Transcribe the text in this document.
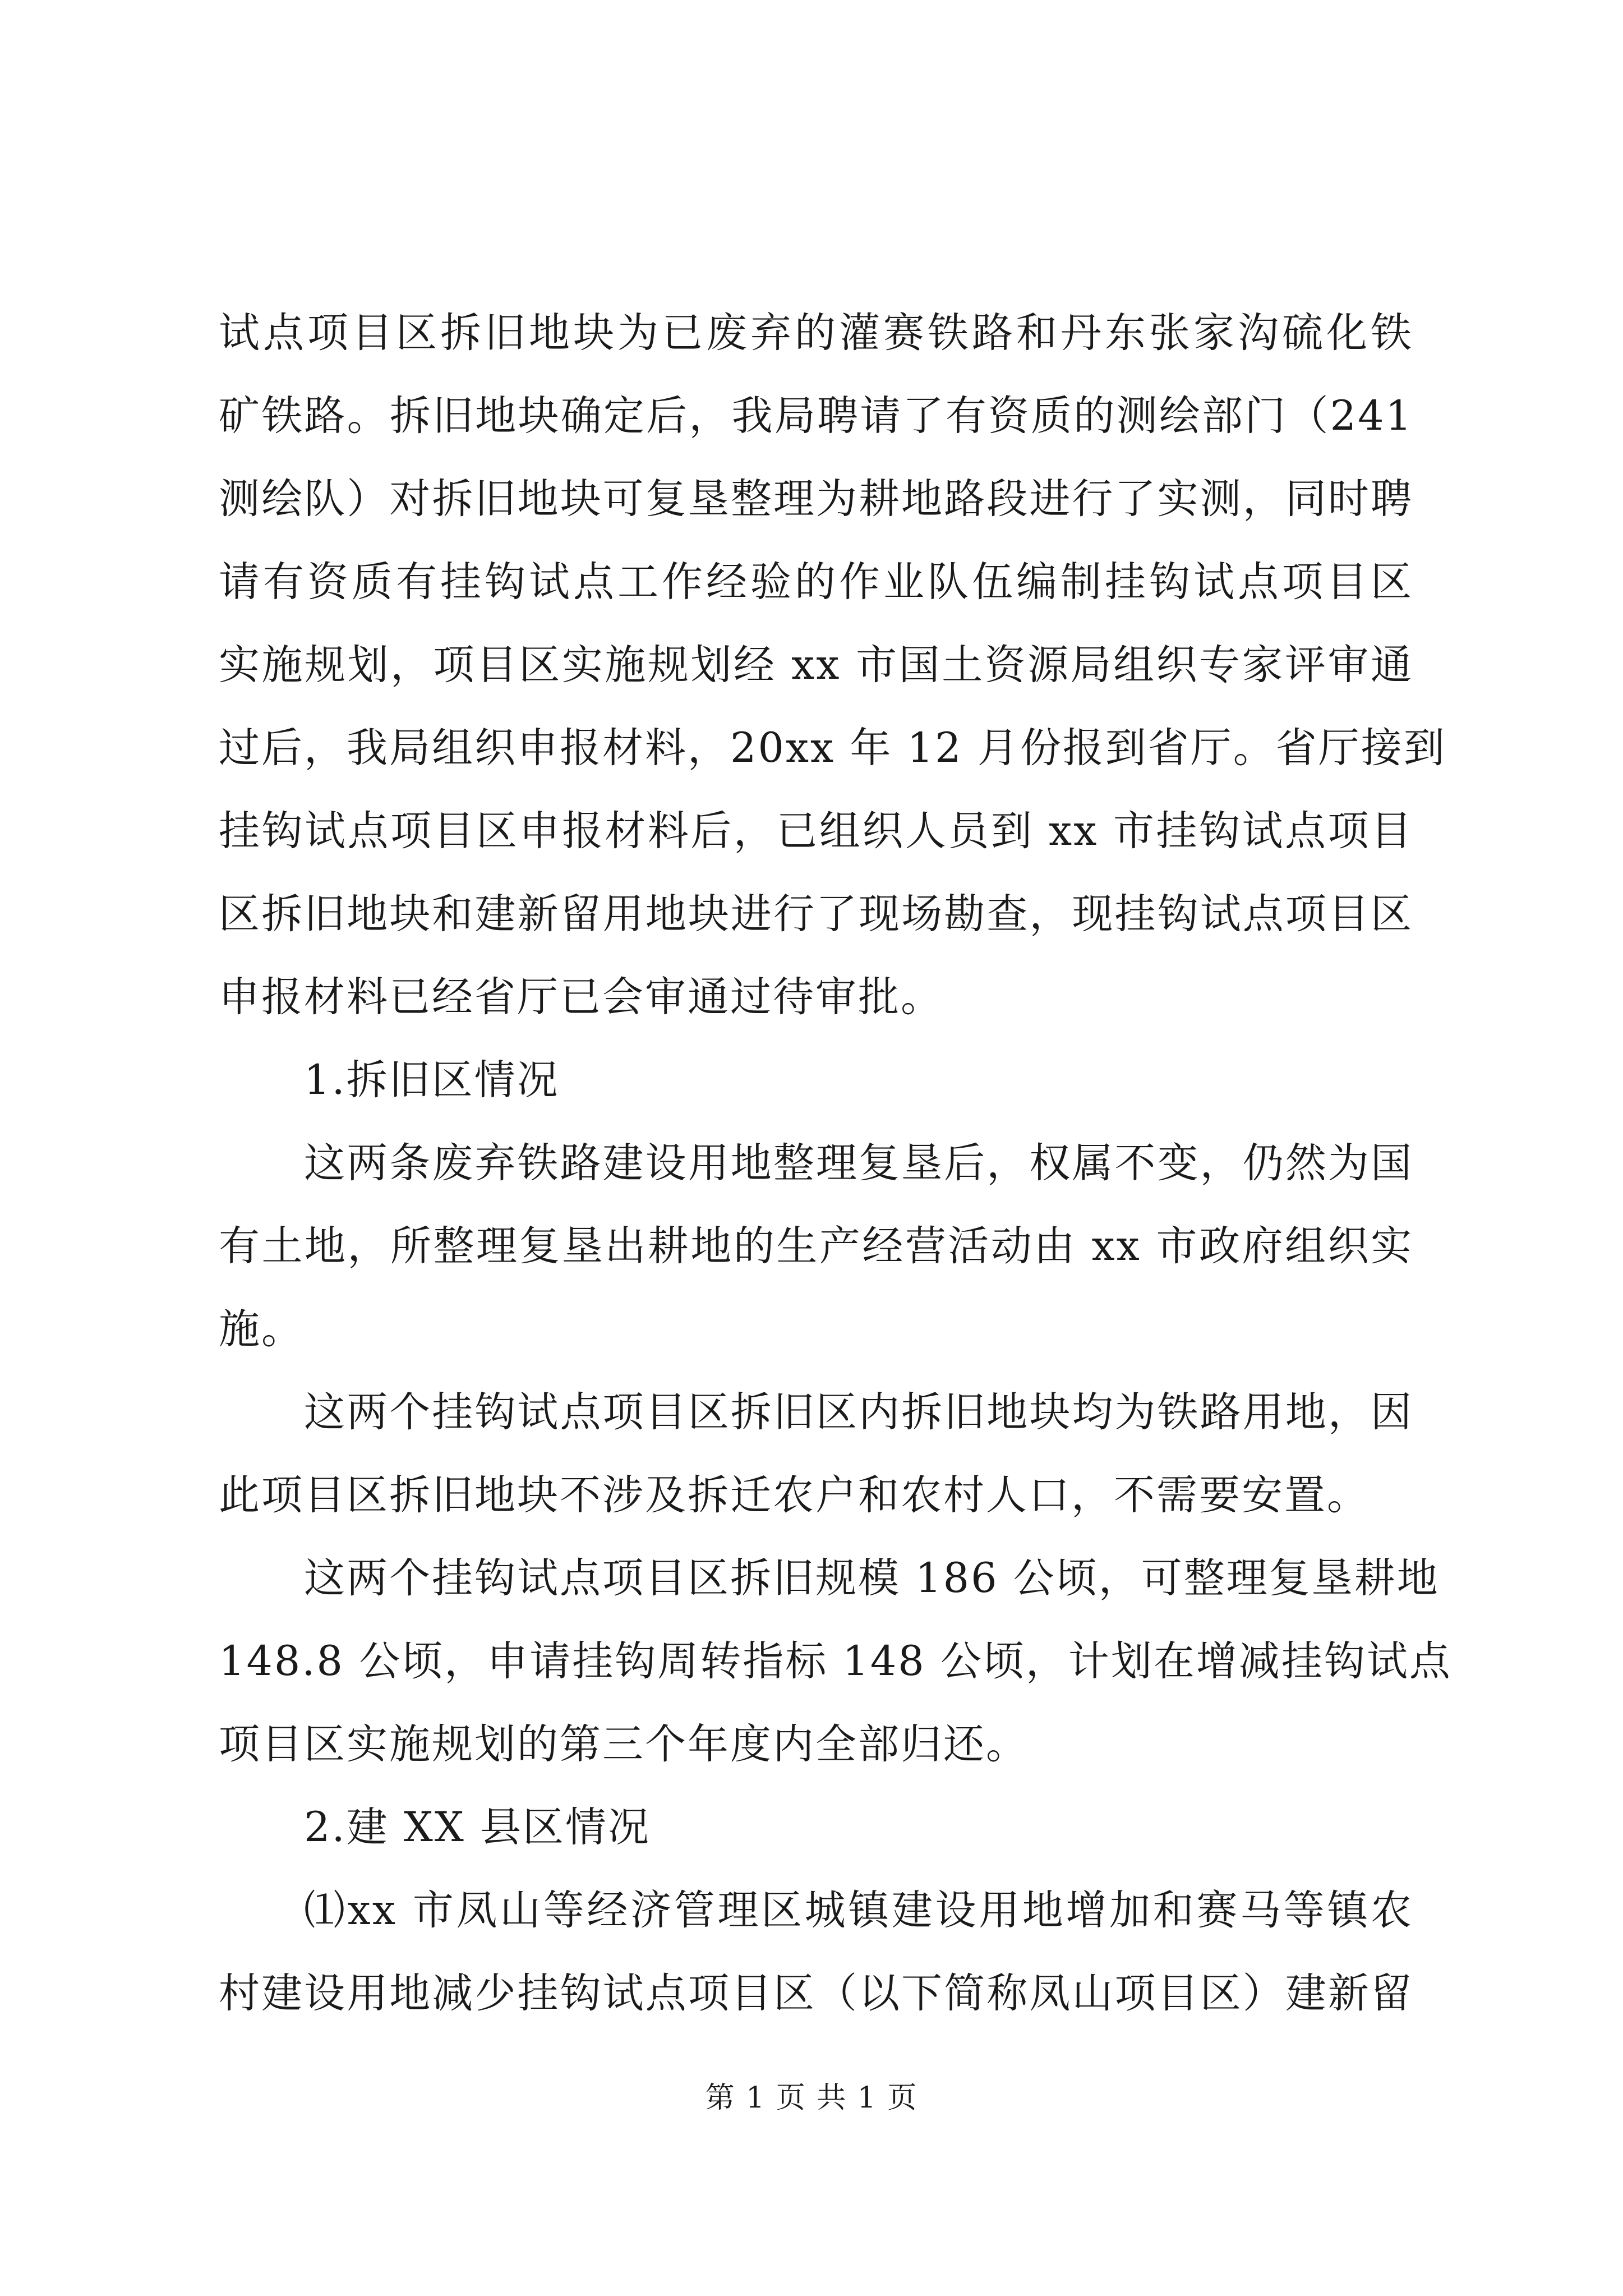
试点项目区拆旧地块为已废弃的灌赛铁路和丹东张家沟硫化铁
矿铁路。拆旧地块确定后，我局聘请了有资质的测绘部门（241
测绘队）对拆旧地块可复垦整理为耕地路段进行了实测，同时聘
请有资质有挂钩试点工作经验的作业队伍编制挂钩试点项目区
实施规划，项目区实施规划经 xx 市国土资源局组织专家评审通
过后，我局组织申报材料，20xx 年 12 月份报到省厅。省厅接到
挂钩试点项目区申报材料后，已组织人员到 xx 市挂钩试点项目
区拆旧地块和建新留用地块进行了现场勘查，现挂钩试点项目区
申报材料已经省厅已会审通过待审批。
1.拆旧区情况
这两条废弃铁路建设用地整理复垦后，权属不变，仍然为国
有土地，所整理复垦出耕地的生产经营活动由 xx 市政府组织实
施。
这两个挂钩试点项目区拆旧区内拆旧地块均为铁路用地，因
此项目区拆旧地块不涉及拆迁农户和农村人口，不需要安置。
这两个挂钩试点项目区拆旧规模 186 公顷，可整理复垦耕地
148.8 公顷，申请挂钩周转指标 148 公顷，计划在增减挂钩试点
项目区实施规划的第三个年度内全部归还。
2.建 XX 县区情况
⑴xx 市凤山等经济管理区城镇建设用地增加和赛马等镇农
村建设用地减少挂钩试点项目区（以下简称凤山项目区）建新留
第 1 页 共 1 页
